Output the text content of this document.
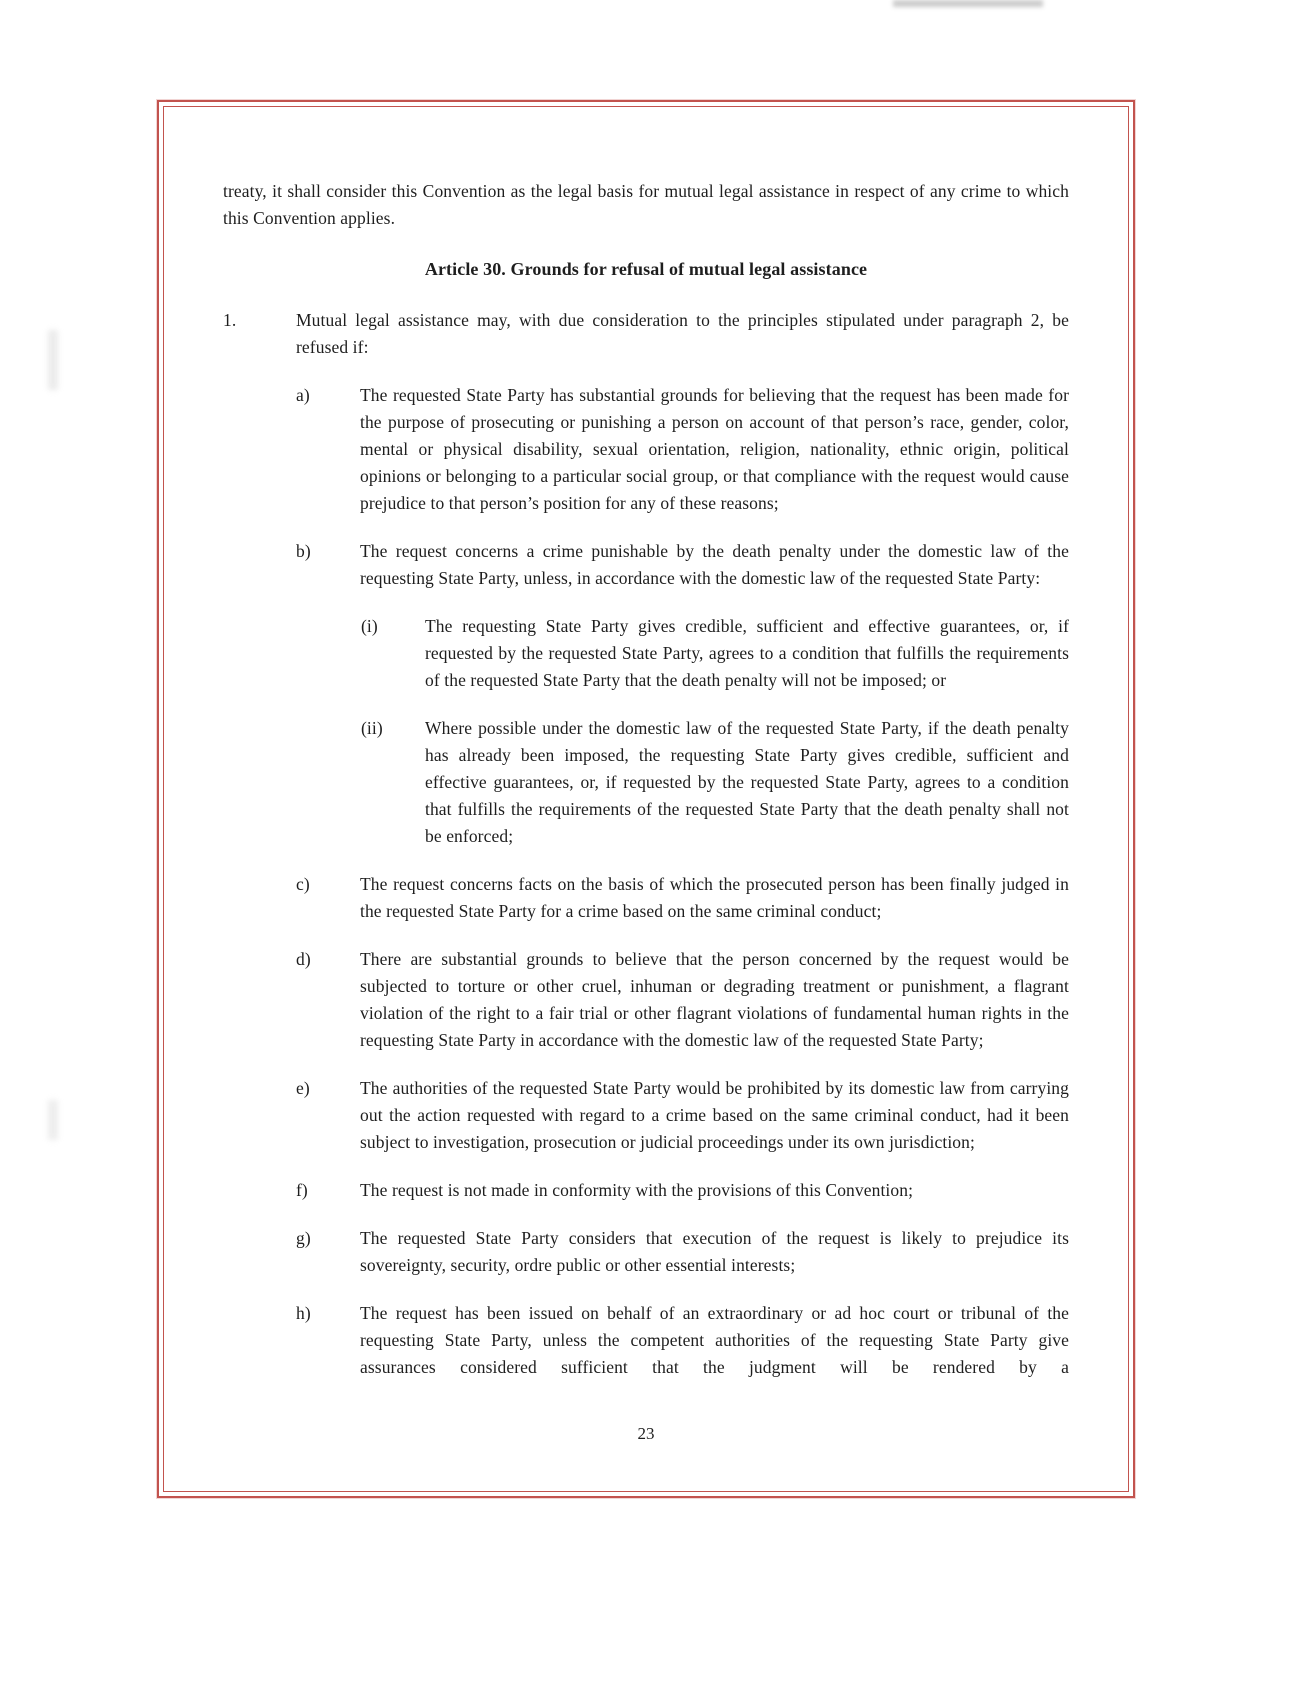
treaty, it shall consider this Convention as the legal basis for mutual legal assistance in respect of any crime to which this Convention applies.

Article 30. Grounds for refusal of mutual legal assistance
1.	Mutual legal assistance may, with due consideration to the principles stipulated under paragraph 2, be refused if:
a)	The requested State Party has substantial grounds for believing that the request has been made for the purpose of prosecuting or punishing a person on account of that person’s race, gender, color, mental or physical disability, sexual orientation, religion, nationality, ethnic origin, political opinions or belonging to a particular social group, or that compliance with the request would cause prejudice to that person’s position for any of these reasons;
b)	The request concerns a crime punishable by the death penalty under the domestic law of the requesting State Party, unless, in accordance with the domestic law of the requested State Party:
(i)	The requesting State Party gives credible, sufficient and effective guarantees, or, if requested by the requested State Party, agrees to a condition that fulfills the requirements of the requested State Party that the death penalty will not be imposed; or
(ii)	Where possible under the domestic law of the requested State Party, if the death penalty has already been imposed, the requesting State Party gives credible, sufficient and effective guarantees, or, if requested by the requested State Party, agrees to a condition that fulfills the requirements of the requested State Party that the death penalty shall not be enforced;
c)	The request concerns facts on the basis of which the prosecuted person has been finally judged in the requested State Party for a crime based on the same criminal conduct;
d)	There are substantial grounds to believe that the person concerned by the request would be subjected to torture or other cruel, inhuman or degrading treatment or punishment, a flagrant violation of the right to a fair trial or other flagrant violations of fundamental human rights in the requesting State Party in accordance with the domestic law of the requested State Party;
e)	The authorities of the requested State Party would be prohibited by its domestic law from carrying out the action requested with regard to a crime based on the same criminal conduct, had it been subject to investigation, prosecution or judicial proceedings under its own jurisdiction;
f)	The request is not made in conformity with the provisions of this Convention;
g)	The requested State Party considers that execution of the request is likely to prejudice its sovereignty, security, ordre public or other essential interests;
h)	The request has been issued on behalf of an extraordinary or ad hoc court or tribunal of the requesting State Party, unless the competent authorities of the requesting State Party give assurances considered sufficient that the judgment will be rendered by a
23
